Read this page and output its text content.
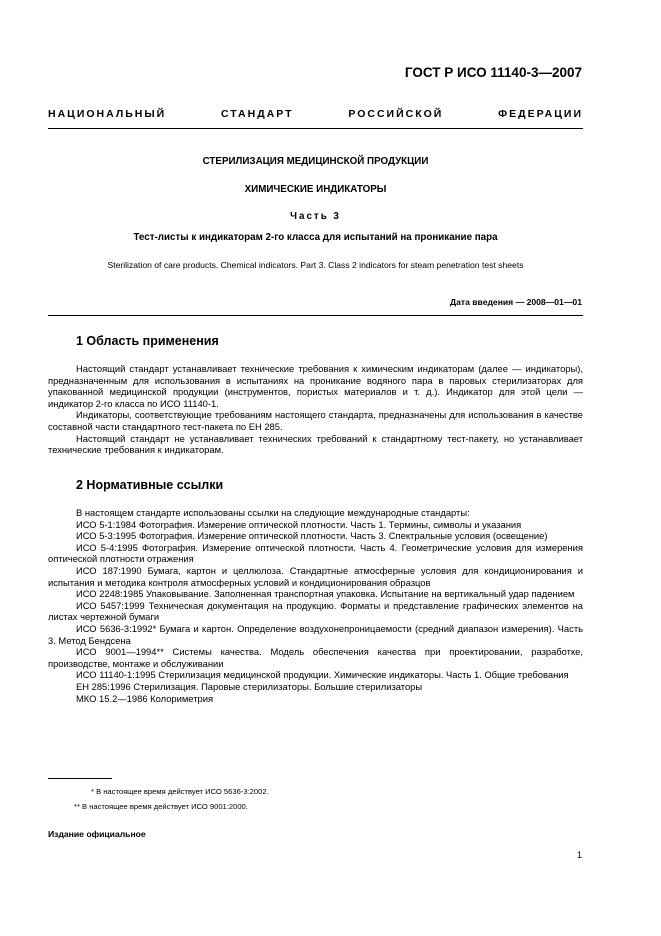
ГОСТ Р ИСО 11140-3—2007
НАЦИОНАЛЬНЫЙ СТАНДАРТ РОССИЙСКОЙ ФЕДЕРАЦИИ
СТЕРИЛИЗАЦИЯ МЕДИЦИНСКОЙ ПРОДУКЦИИ
ХИМИЧЕСКИЕ ИНДИКАТОРЫ
Часть 3
Тест-листы к индикаторам 2-го класса для испытаний на проникание пара
Sterilization of care products. Chemical indicators. Part 3. Class 2 indicators for steam penetration test sheets
Дата введения — 2008—01—01
1 Область применения

Настоящий стандарт устанавливает технические требования к химическим индикаторам (далее — индикаторы), предназначенным для использования в испытаниях на проникание водяного пара в паровых стерилизаторах для упакованной медицинской продукции (инструментов, пористых материалов и т. д.). Индикатор для этой цели — индикатор 2-го класса по ИСО 11140-1.

Индикаторы, соответствующие требованиям настоящего стандарта, предназначены для использования в качестве составной части стандартного тест-пакета по ЕН 285.

Настоящий стандарт не устанавливает технических требований к стандартному тест-пакету, но устанавливает технические требования к индикаторам.

2 Нормативные ссылки

В настоящем стандарте использованы ссылки на следующие международные стандарты:

ИСО 5-1:1984 Фотография. Измерение оптической плотности. Часть 1. Термины, символы и указания

ИСО 5-3:1995 Фотография. Измерение оптической плотности. Часть 3. Спектральные условия (освещение)

ИСО 5-4:1995 Фотография. Измерение оптической плотности. Часть 4. Геометрические условия для измерения оптической плотности отражения

ИСО 187:1990 Бумага, картон и целлюлоза. Стандартные атмосферные условия для кондиционирования и испытания и методика контроля атмосферных условий и кондиционирования образцов

ИСО 2248:1985 Упаковывание. Заполненная транспортная упаковка. Испытание на вертикальный удар падением

ИСО 5457:1999 Техническая документация на продукцию. Форматы и представление графических элементов на листах чертежной бумаги

ИСО 5636-3:1992* Бумага и картон. Определение воздухонепроницаемости (средний диапазон измерения). Часть 3. Метод Бендсена

ИСО 9001—1994** Системы качества. Модель обеспечения качества при проектировании, разработке, производстве, монтаже и обслуживании

ИСО 11140-1:1995 Стерилизация медицинской продукции. Химические индикаторы. Часть 1. Общие требования

ЕН 285:1996 Стерилизация. Паровые стерилизаторы. Большие стерилизаторы

МКО 15.2—1986 Колориметрия

* В настоящее время действует ИСО 5636-3:2002.
** В настоящее время действует ИСО 9001:2000.
Издание официальное
1
